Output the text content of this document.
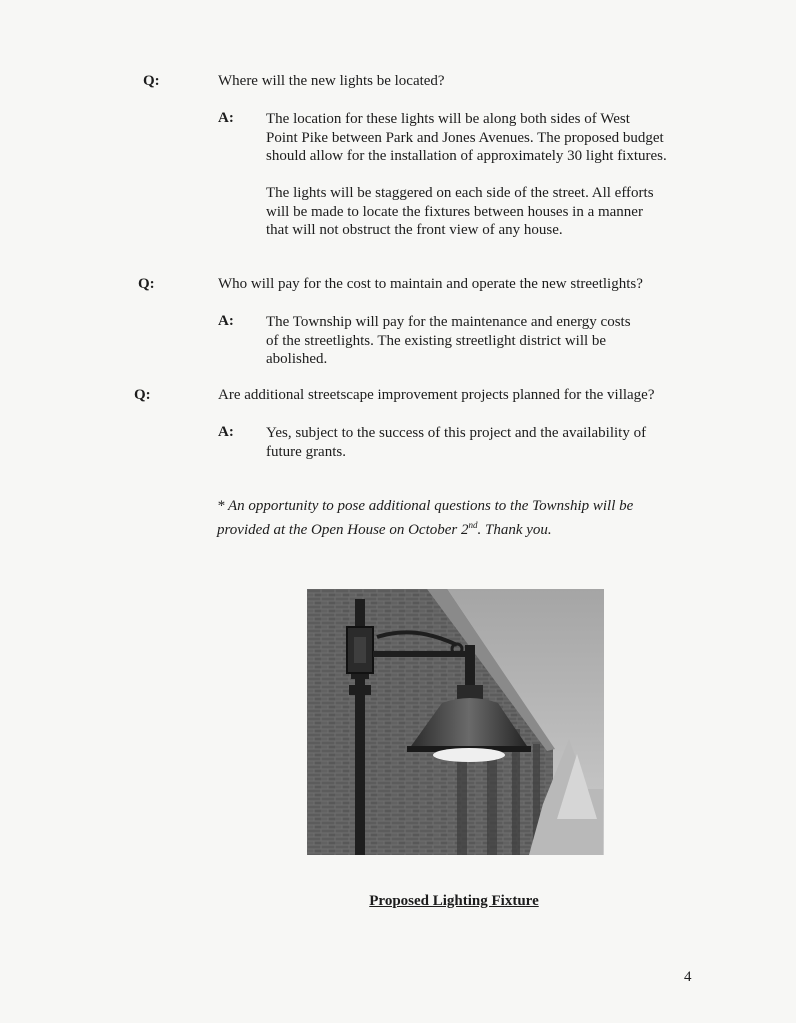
Q:	Where will the new lights be located?
A: The location for these lights will be along both sides of West
Point Pike between Park and Jones Avenues. The proposed budget
should allow for the installation of approximately 30 light fixtures.
The lights will be staggered on each side of the street. All efforts
will be made to locate the fixtures between houses in a manner
that will not obstruct the front view of any house.
Q:	Who will pay for the cost to maintain and operate the new streetlights?
A: The Township will pay for the maintenance and energy costs
of the streetlights. The existing streetlight district will be
abolished.
Q:	Are additional streetscape improvement projects planned for the village?
A: Yes, subject to the success of this project and the availability of
future grants.
* An opportunity to pose additional questions to the Township will be
provided at the Open House on October 2nd. Thank you.
Proposed Lighting Fixture
4
